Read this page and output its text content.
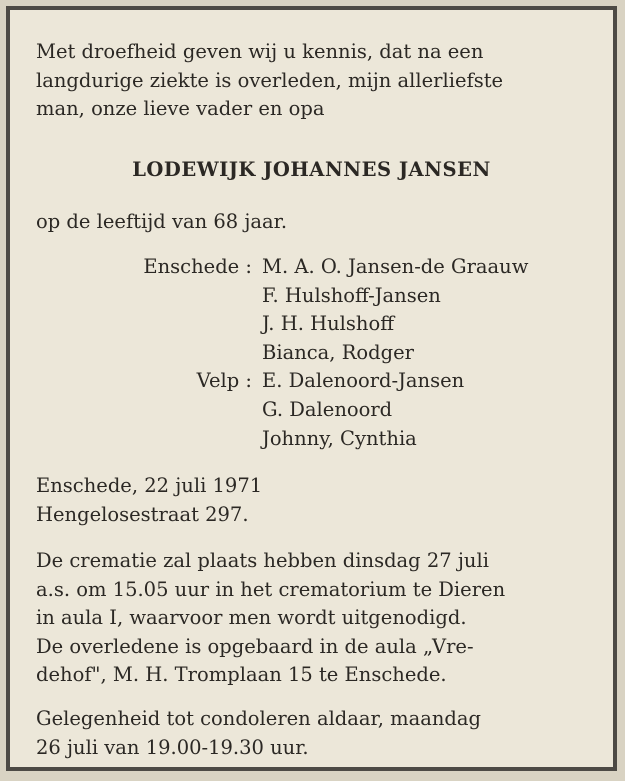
Met droefheid geven wij u kennis, dat na een
langdurige ziekte is overleden, mijn allerliefste
man, onze lieve vader en opa
LODEWIJK JOHANNES JANSEN
op de leeftijd van 68 jaar.
Enschede : M. A. O. Jansen-de Graauw
F. Hulshoff-Jansen
J. H. Hulshoff
Bianca, Rodger
Velp : E. Dalenoord-Jansen
G. Dalenoord
Johnny, Cynthia
Enschede, 22 juli 1971
Hengelosestraat 297.
De crematie zal plaats hebben dinsdag 27 juli
a.s. om 15.05 uur in het crematorium te Dieren
in aula I, waarvoor men wordt uitgenodigd.
De overledene is opgebaard in de aula „Vre-
dehof", M. H. Tromplaan 15 te Enschede.
Gelegenheid tot condoleren aldaar, maandag
26 juli van 19.00-19.30 uur.
